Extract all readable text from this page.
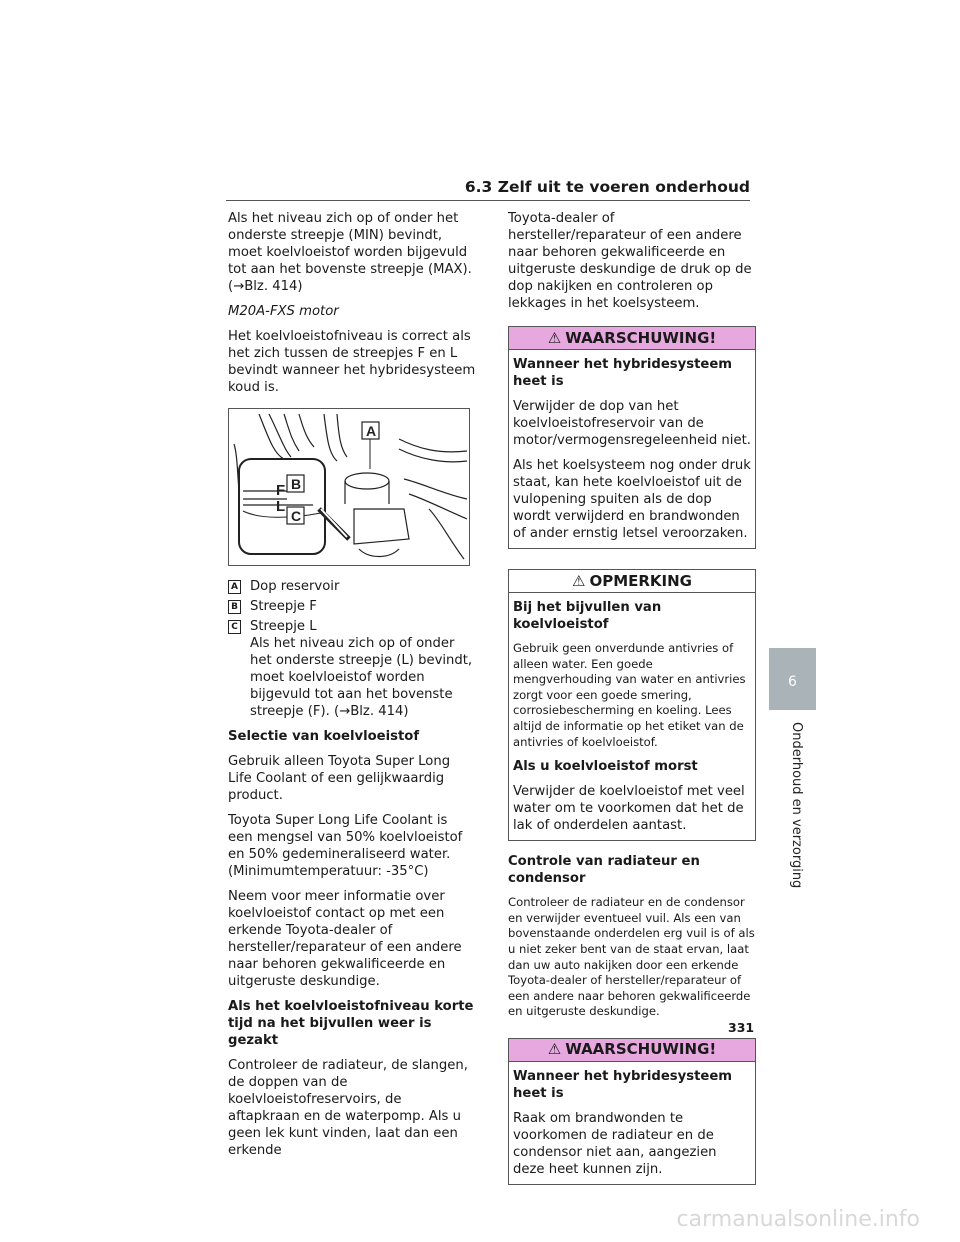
6.3 Zelf uit te voeren onderhoud

Als het niveau zich op of onder het onderste streepje (MIN) bevindt, moet koelvloeistof worden bijgevuld tot aan het bovenste streepje (MAX). (→Blz. 414)

M20A-FXS motor

Het koelvloeistofniveau is correct als het zich tussen de streepjes F en L bevindt wanneer het hybridesysteem koud is.

A
F B
L
C
A Dop reservoir
B Streepje F
C Streepje L
Als het niveau zich op of onder het onderste streepje (L) bevindt, moet koelvloeistof worden bijgevuld tot aan het bovenste streepje (F). (→Blz. 414)

Selectie van koelvloeistof

Gebruik alleen Toyota Super Long Life Coolant of een gelijkwaardig product.

Toyota Super Long Life Coolant is een mengsel van 50% koelvloeistof en 50% gedemineraliseerd water. (Minimumtemperatuur: -35°C)

Neem voor meer informatie over koelvloeistof contact op met een erkende Toyota-dealer of hersteller/reparateur of een andere naar behoren gekwalificeerde en uitgeruste deskundige.

Als het koelvloeistofniveau korte tijd na het bijvullen weer is gezakt

Controleer de radiateur, de slangen, de doppen van de koelvloeistofreservoirs, de aftapkraan en de waterpomp. Als u geen lek kunt vinden, laat dan een erkende

Toyota-dealer of hersteller/reparateur of een andere naar behoren gekwalificeerde en uitgeruste deskundige de druk op de dop nakijken en controleren op lekkages in het koelsysteem.

⚠ WAARSCHUWING!

Wanneer het hybridesysteem heet is

Verwijder de dop van het koelvloeistofreservoir van de motor/vermogensregeleenheid niet.

Als het koelsysteem nog onder druk staat, kan hete koelvloeistof uit de vulopening spuiten als de dop wordt verwijderd en brandwonden of ander ernstig letsel veroorzaken.

⚠ OPMERKING

Bij het bijvullen van koelvloeistof

Gebruik geen onverdunde antivries of alleen water. Een goede mengverhouding van water en antivries zorgt voor een goede smering, corrosiebescherming en koeling. Lees altijd de informatie op het etiket van de antivries of koelvloeistof.

Als u koelvloeistof morst

Verwijder de koelvloeistof met veel water om te voorkomen dat het de lak of onderdelen aantast.

Controle van radiateur en condensor

Controleer de radiateur en de condensor en verwijder eventueel vuil. Als een van bovenstaande onderdelen erg vuil is of als u niet zeker bent van de staat ervan, laat dan uw auto nakijken door een erkende Toyota-dealer of hersteller/reparateur of een andere naar behoren gekwalificeerde en uitgeruste deskundige.

⚠ WAARSCHUWING!

Wanneer het hybridesysteem heet is

Raak om brandwonden te voorkomen de radiateur en de condensor niet aan, aangezien deze heet kunnen zijn.

6
Onderhoud en verzorging
331
carmanualsonline.info
